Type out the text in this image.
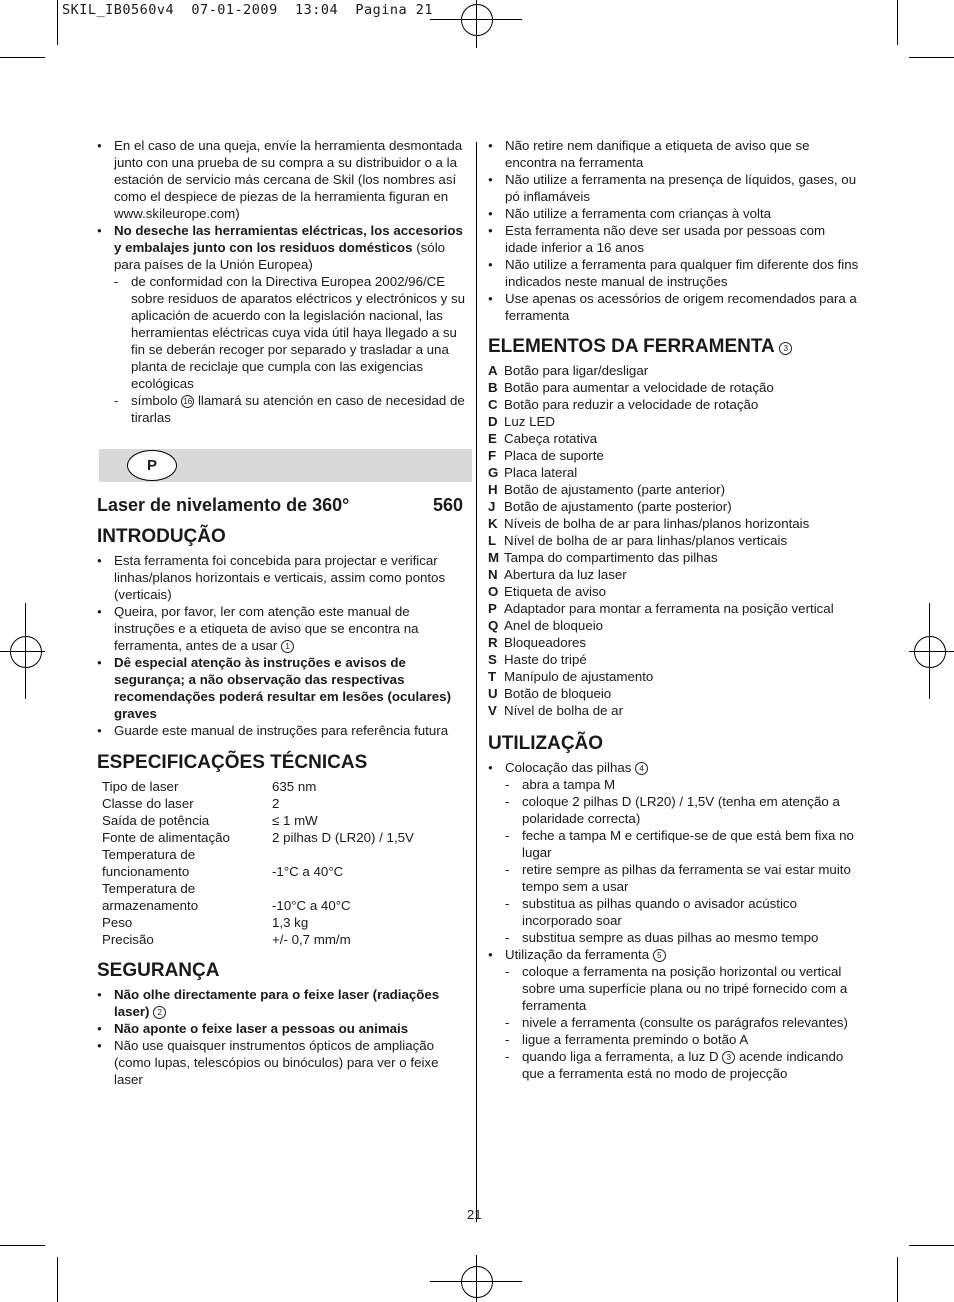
SKIL_IB0560v4  07-01-2009  13:04  Pagina 21
● En el caso de una queja, envíe la herramienta desmontada junto con una prueba de su compra a su distribuidor o a la estación de servicio más cercana de Skil (los nombres así como el despiece de piezas de la herramienta figuran en www.skileurope.com)
● No deseche las herramientas eléctricas, los accesorios y embalajes junto con los residuos domésticos (sólo para países de la Unión Europea)
- de conformidad con la Directiva Europea 2002/96/CE sobre residuos de aparatos eléctricos y electrónicos y su aplicación de acuerdo con la legislación nacional, las herramientas eléctricas cuya vida útil haya llegado a su fin se deberán recoger por separado y trasladar a una planta de reciclaje que cumpla con las exigencias ecológicas
- símbolo 16 llamará su atención en caso de necesidad de tirarlas
P
Laser de nivelamento de 360°	560
INTRODUÇÃO
● Esta ferramenta foi concebida para projectar e verificar linhas/planos horizontais e verticais, assim como pontos (verticais)
● Queira, por favor, ler com atenção este manual de instruções e a etiqueta de aviso que se encontra na ferramenta, antes de a usar 1
● Dê especial atenção às instruções e avisos de segurança; a não observação das respectivas recomendações poderá resultar em lesões (oculares) graves
● Guarde este manual de instruções para referência futura
ESPECIFICAÇÕES TÉCNICAS
Tipo de laser	635 nm
Classe do laser	2
Saída de potência	≤ 1 mW
Fonte de alimentação	2 pilhas D (LR20) / 1,5V
Temperatura de	
funcionamento	-1°C a 40°C
Temperatura de	
armazenamento	-10°C a 40°C
Peso	1,3 kg
Precisão	+/- 0,7 mm/m
SEGURANÇA
● Não olhe directamente para o feixe laser (radiações laser) 2
● Não aponte o feixe laser a pessoas ou animais
● Não use quaisquer instrumentos ópticos de ampliação (como lupas, telescópios ou binóculos) para ver o feixe laser
● Não retire nem danifique a etiqueta de aviso que se encontra na ferramenta
● Não utilize a ferramenta na presença de líquidos, gases, ou pó inflamáveis
● Não utilize a ferramenta com crianças à volta
● Esta ferramenta não deve ser usada por pessoas com idade inferior a 16 anos
● Não utilize a ferramenta para qualquer fim diferente dos fins indicados neste manual de instruções
● Use apenas os acessórios de origem recomendados para a ferramenta
ELEMENTOS DA FERRAMENTA 3
A Botão para ligar/desligar
B Botão para aumentar a velocidade de rotação
C Botão para reduzir a velocidade de rotação
D Luz LED
E Cabeça rotativa
F Placa de suporte
G Placa lateral
H Botão de ajustamento (parte anterior)
J Botão de ajustamento (parte posterior)
K Níveis de bolha de ar para linhas/planos horizontais
L Nível de bolha de ar para linhas/planos verticais
M Tampa do compartimento das pilhas
N Abertura da luz laser
O Etiqueta de aviso
P Adaptador para montar a ferramenta na posição vertical
Q Anel de bloqueio
R Bloqueadores
S Haste do tripé
T Manípulo de ajustamento
U Botão de bloqueio
V Nível de bolha de ar
UTILIZAÇÃO
● Colocação das pilhas 4
- abra a tampa M
- coloque 2 pilhas D (LR20) / 1,5V (tenha em atenção a polaridade correcta)
- feche a tampa M e certifique-se de que está bem fixa no lugar
- retire sempre as pilhas da ferramenta se vai estar muito tempo sem a usar
- substitua as pilhas quando o avisador acústico incorporado soar
- substitua sempre as duas pilhas ao mesmo tempo
● Utilização da ferramenta 5
- coloque a ferramenta na posição horizontal ou vertical sobre uma superfície plana ou no tripé fornecido com a ferramenta
- nivele a ferramenta (consulte os parágrafos relevantes)
- ligue a ferramenta premindo o botão A
- quando liga a ferramenta, a luz D 3 acende indicando que a ferramenta está no modo de projecção
21
